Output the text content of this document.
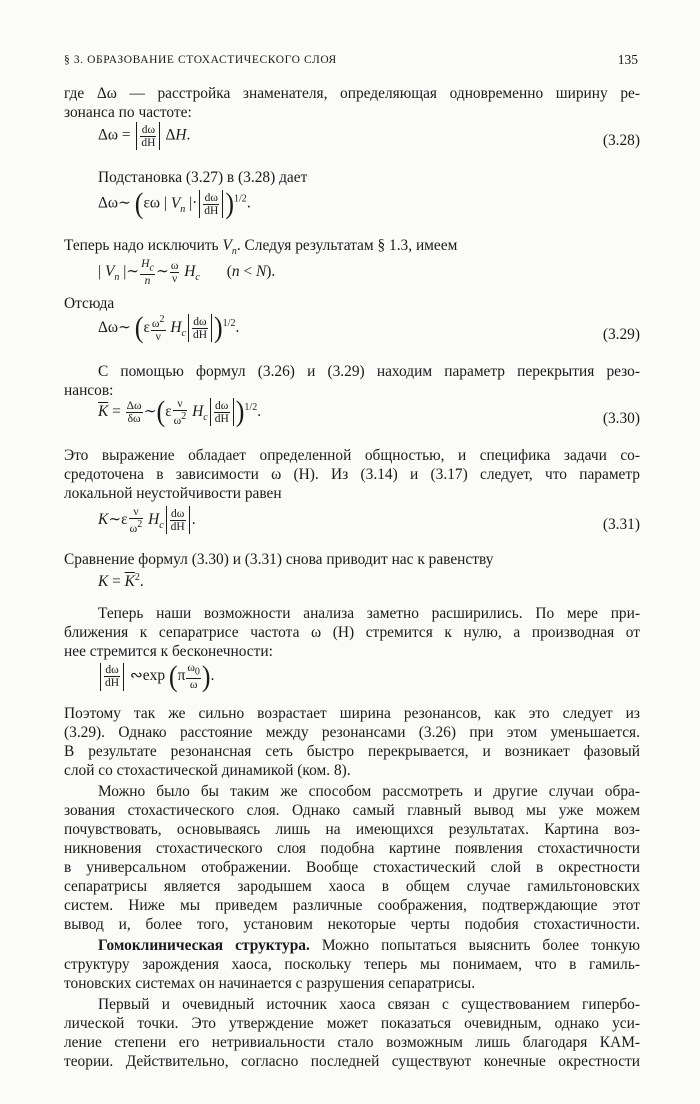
§ 3. ОБРАЗОВАНИЕ СТОХАСТИЧЕСКОГО СЛОЯ	135
где Δω — расстройка знаменателя, определяющая одновременно ширину ре-
зонанса по частоте:
$\Delta\omega = \frac{d\omega}{dH} \Delta H$.	(3.28)
Подстановка (3.27) в (3.28) дает
Δω∼ (εω | $V_n$ |· $\frac{d\omega}{dH} )^{1/2}$.
Теперь надо исключить $V_n$. Следуя результатам § 1.3, имеем
| $V_n$ |∼ $\frac{H_c}{n}$ ∼ $\frac{\omega}{\nu} H_c$       (n < N).
Отсюда
Δω∼ $(\varepsilon \frac{\omega^2}{\nu} H_c \frac{d\omega}{dH} )^{1/2}$.	(3.29)
С помощью формул (3.26) и (3.29) находим параметр перекрытия резо-
нансов:
$\overline{K} = \frac{\Delta\omega}{\delta\omega}$ ∼(ε $\frac{\nu}{\omega^2} H_c \frac{d\omega}{dH} )^{1/2}$.	(3.30)
Это выражение обладает определенной общностью, и специфика задачи со-
средоточена в зависимости ω (H). Из (3.14) и (3.17) следует, что параметр
локальной неустойчивости равен
K∼ε $\frac{\nu}{\omega^2} H_c \frac{d\omega}{dH}$ .	(3.31)
Сравнение формул (3.30) и (3.31) снова приводит нас к равенству
$K = \overline{K}^2$.
Теперь наши возможности анализа заметно расширились. По мере при-
ближения к сепаратрисе частота ω (H) стремится к нулю, а производная от
нее стремится к бесконечности:
$\frac{d\omega}{dH}$ ∾exp ($\pi \frac{\omega_0}{\omega}$ ).
Поэтому так же сильно возрастает ширина резонансов, как это следует из
(3.29). Однако расстояние между резонансами (3.26) при этом уменьшается.
В результате резонансная сеть быстро перекрывается, и возникает фазовый
слой со стохастической динамикой (ком. 8).
Можно было бы таким же способом рассмотреть и другие случаи обра-
зования стохастического слоя. Однако самый главный вывод мы уже можем
почувствовать, основываясь лишь на имеющихся результатах. Картина воз-
никновения стохастического слоя подобна картине появления стохастичности
в универсальном отображении. Вообще стохастический слой в окрестности
сепаратрисы является зародышем хаоса в общем случае гамильтоновских
систем. Ниже мы приведем различные соображения, подтверждающие этот
вывод и, более того, установим некоторые черты подобия стохастичности.
Гомоклиническая структура. Можно попытаться выяснить более тонкую
структуру зарождения хаоса, поскольку теперь мы понимаем, что в гамиль-
тоновских системах он начинается с разрушения сепаратрисы.
Первый и очевидный источник хаоса связан с существованием гипербо-
лической точки. Это утверждение может показаться очевидным, однако уси-
ление степени его нетривиальности стало возможным лишь благодаря КАМ-
теории. Действительно, согласно последней существуют конечные окрестности
